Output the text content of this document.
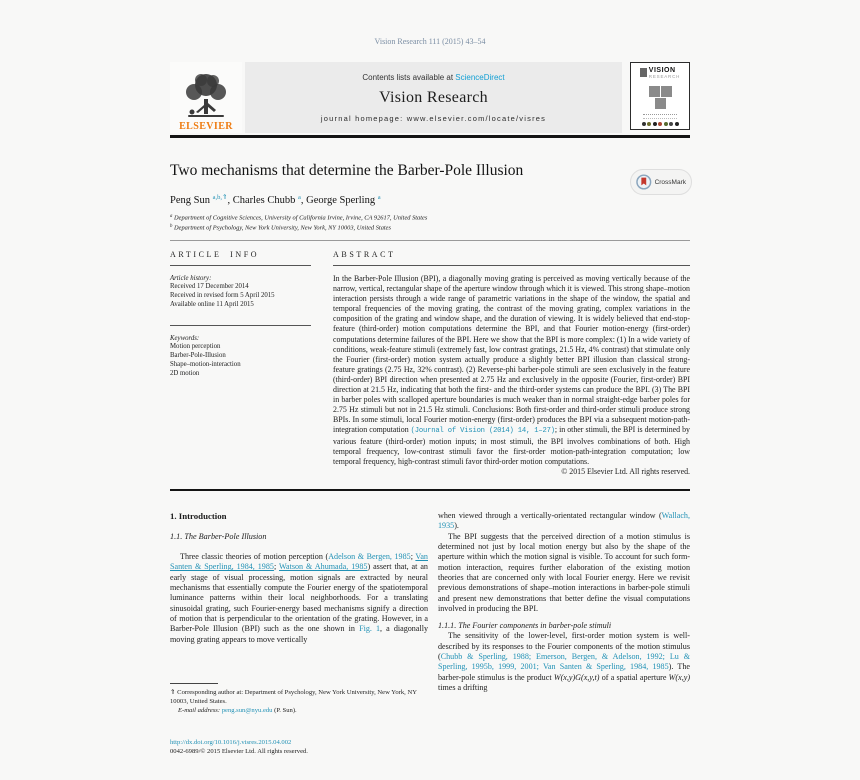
Vision Research 111 (2015) 43–54
ELSEVIER
Contents lists available at ScienceDirect
Vision Research
journal homepage: www.elsevier.com/locate/visres
VISION
RESEARCH
Two mechanisms that determine the Barber-Pole Illusion
CrossMark
Peng Sun $^{a,b,⇑}$, Charles Chubb $^a$, George Sperling $^a$
$^a$ Department of Cognitive Sciences, University of California Irvine, Irvine, CA 92617, United States
$^b$ Department of Psychology, New York University, New York, NY 10003, United States
ARTICLE INFO
Article history:
Received 17 December 2014
Received in revised form 5 April 2015
Available online 11 April 2015
Keywords:
Motion perception
Barber-Pole-Illusion
Shape–motion-interaction
2D motion
ABSTRACT
In the Barber-Pole Illusion (BPI), a diagonally moving grating is perceived as moving vertically because of the narrow, vertical, rectangular shape of the aperture window through which it is viewed. This strong shape–motion interaction persists through a wide range of parametric variations in the shape of the window, the spatial and temporal frequencies of the moving grating, the contrast of the moving grating, complex variations in the composition of the grating and window shape, and the duration of viewing. It is widely believed that end-stop-feature (third-order) motion computations determine the BPI, and that Fourier motion-energy (first-order) computations determine failures of the BPI. Here we show that the BPI is more complex: (1) In a wide variety of conditions, weak-feature stimuli (extremely fast, low contrast gratings, 21.5 Hz, 4% contrast) that stimulate only the Fourier (first-order) motion system actually produce a slightly better BPI illusion than classical strong-feature gratings (2.75 Hz, 32% contrast). (2) Reverse-phi barber-pole stimuli are seen exclusively in the feature (third-order) BPI direction when presented at 2.75 Hz and exclusively in the opposite (Fourier, first-order) BPI direction at 21.5 Hz, indicating that both the first- and the third-order systems can produce the BPI. (3) The BPI in barber poles with scalloped aperture boundaries is much weaker than in normal straight-edge barber poles for 2.75 Hz stimuli but not in 21.5 Hz stimuli. Conclusions: Both first-order and third-order stimuli produce strong BPIs. In some stimuli, local Fourier motion-energy (first-order) produces the BPI via a subsequent motion-path-integration computation (Journal of Vision (2014) 14, 1–27); in other stimuli, the BPI is determined by various feature (third-order) motion inputs; in most stimuli, the BPI involves combinations of both. High temporal frequency, low-contrast stimuli favor the first-order motion-path-integration computation; low temporal frequency, high-contrast stimuli favor third-order motion computations.
© 2015 Elsevier Ltd. All rights reserved.
1. Introduction
1.1. The Barber-Pole Illusion

Three classic theories of motion perception (Adelson & Bergen, 1985; Van Santen & Sperling, 1984, 1985; Watson & Ahumada, 1985) assert that, at an early stage of visual processing, motion signals are extracted by neural mechanisms that essentially compute the Fourier energy of the spatiotemporal luminance patterns within their local neighborhoods. For a translating sinusoidal grating, such Fourier-energy based mechanisms signify a direction of motion that is perpendicular to the orientation of the grating. However, in a Barber-Pole Illusion (BPI) such as the one shown in Fig. 1, a diagonally moving grating appears to move vertically

when viewed through a vertically-orientated rectangular window (Wallach, 1935).

The BPI suggests that the perceived direction of a motion stimulus is determined not just by local motion energy but also by the shape of the aperture within which the motion signal is visible. To account for such form-motion interaction, requires further elaboration of the existing motion theories that are concerned only with local Fourier energy. Here we revisit previous demonstrations of shape–motion interactions in barber-pole stimuli and present new demonstrations that better define the visual computations involved in producing the BPI.

1.1.1. The Fourier components in barber-pole stimuli

The sensitivity of the lower-level, first-order motion system is well-described by its responses to the Fourier components of the motion stimulus (Chubb & Sperling, 1988; Emerson, Bergen, & Adelson, 1992; Lu & Sperling, 1995b, 1999, 2001; Van Santen & Sperling, 1984, 1985). The barber-pole stimulus is the product W(x,y)G(x,y,t) of a spatial aperture W(x,y) times a drifting

⇑ Corresponding author at: Department of Psychology, New York University, New York, NY 10003, United States.
E-mail address: peng.sun@nyu.edu (P. Sun).
http://dx.doi.org/10.1016/j.visres.2015.04.002
0042-6989/© 2015 Elsevier Ltd. All rights reserved.
